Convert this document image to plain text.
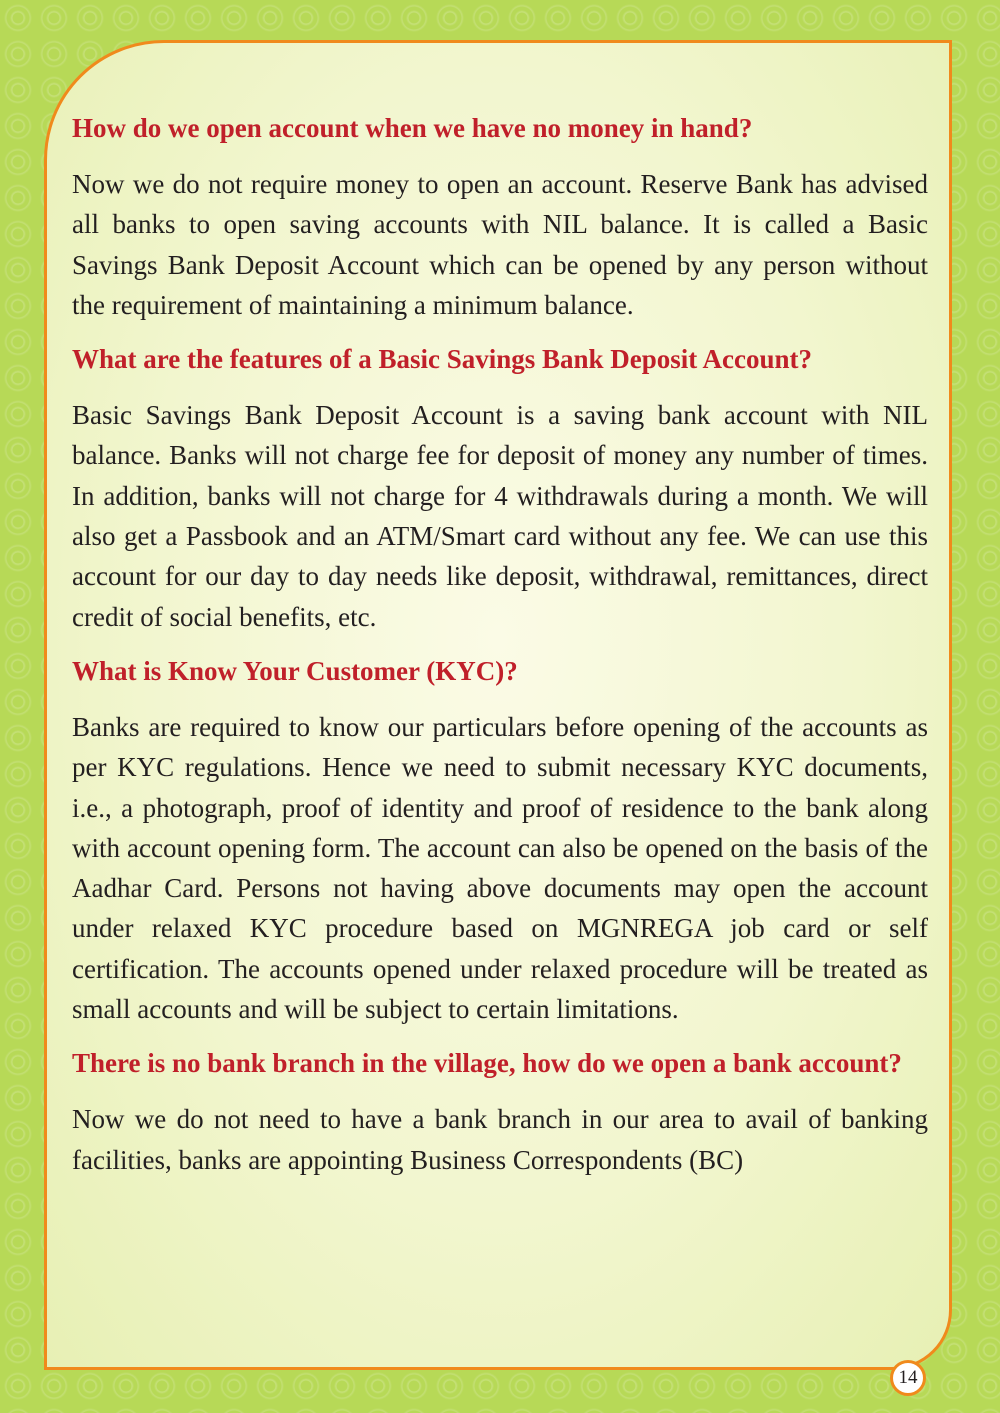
How do we open account when we have no money in hand?

Now we do not require money to open an account. Reserve Bank has advised all banks to open saving accounts with NIL balance. It is called a Basic Savings Bank Deposit Account which can be opened by any person without the requirement of maintaining a minimum balance.

What are the features of a Basic Savings Bank Deposit Account?

Basic Savings Bank Deposit Account is a saving bank account with NIL balance. Banks will not charge fee for deposit of money any number of times. In addition, banks will not charge for 4 withdrawals during a month. We will also get a Passbook and an ATM/Smart card without any fee. We can use this account for our day to day needs like deposit, withdrawal, remittances, direct credit of social benefits, etc.

What is Know Your Customer (KYC)?

Banks are required to know our particulars before opening of the accounts as per KYC regulations. Hence we need to submit necessary KYC documents, i.e., a photograph, proof of identity and proof of residence to the bank along with account opening form. The account can also be opened on the basis of the Aadhar Card. Persons not having above documents may open the account under relaxed KYC procedure based on MGNREGA job card or self certification. The accounts opened under relaxed procedure will be treated as small accounts and will be subject to certain limitations.

There is no bank branch in the village, how do we open a bank account?

Now we do not need to have a bank branch in our area to avail of banking facilities, banks are appointing Business Correspondents (BC)

14
